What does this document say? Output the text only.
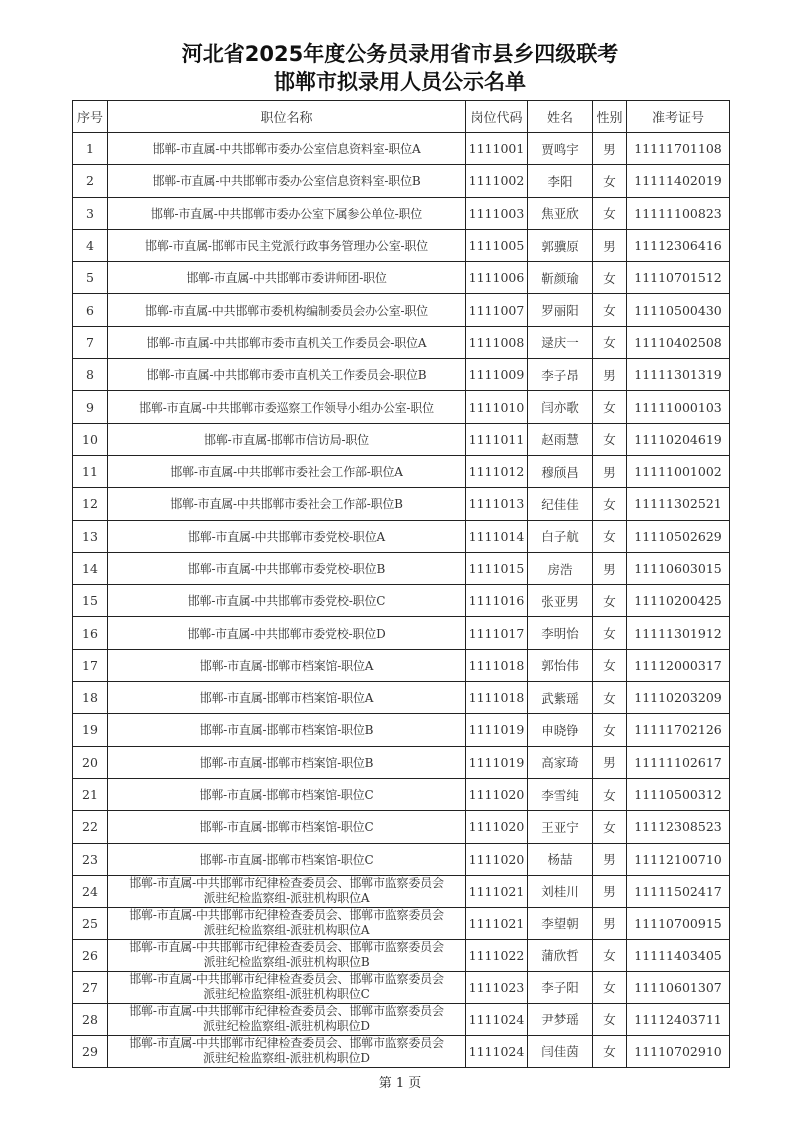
河北省2025年度公务员录用省市县乡四级联考
邯郸市拟录用人员公示名单
序号	职位名称	岗位代码	姓名	性别	准考证号
1	邯郸-市直属-中共邯郸市委办公室信息资料室-职位A	1111001	贾鸣宇	男	11111701108
2	邯郸-市直属-中共邯郸市委办公室信息资料室-职位B	1111002	李阳	女	11111402019
3	邯郸-市直属-中共邯郸市委办公室下属参公单位-职位	1111003	焦亚欣	女	11111100823
4	邯郸-市直属-邯郸市民主党派行政事务管理办公室-职位	1111005	郭骥原	男	11112306416
5	邯郸-市直属-中共邯郸市委讲师团-职位	1111006	靳颜瑜	女	11110701512
6	邯郸-市直属-中共邯郸市委机构编制委员会办公室-职位	1111007	罗丽阳	女	11110500430
7	邯郸-市直属-中共邯郸市委市直机关工作委员会-职位A	1111008	逯庆一	女	11110402508
8	邯郸-市直属-中共邯郸市委市直机关工作委员会-职位B	1111009	李子昂	男	11111301319
9	邯郸-市直属-中共邯郸市委巡察工作领导小组办公室-职位	1111010	闫亦歌	女	11111000103
10	邯郸-市直属-邯郸市信访局-职位	1111011	赵雨慧	女	11110204619
11	邯郸-市直属-中共邯郸市委社会工作部-职位A	1111012	穆颀昌	男	11111001002
12	邯郸-市直属-中共邯郸市委社会工作部-职位B	1111013	纪佳佳	女	11111302521
13	邯郸-市直属-中共邯郸市委党校-职位A	1111014	白子航	女	11110502629
14	邯郸-市直属-中共邯郸市委党校-职位B	1111015	房浩	男	11110603015
15	邯郸-市直属-中共邯郸市委党校-职位C	1111016	张亚男	女	11110200425
16	邯郸-市直属-中共邯郸市委党校-职位D	1111017	李明怡	女	11111301912
17	邯郸-市直属-邯郸市档案馆-职位A	1111018	郭怡伟	女	11112000317
18	邯郸-市直属-邯郸市档案馆-职位A	1111018	武紫瑶	女	11110203209
19	邯郸-市直属-邯郸市档案馆-职位B	1111019	申晓铮	女	11111702126
20	邯郸-市直属-邯郸市档案馆-职位B	1111019	高家琦	男	11111102617
21	邯郸-市直属-邯郸市档案馆-职位C	1111020	李雪纯	女	11110500312
22	邯郸-市直属-邯郸市档案馆-职位C	1111020	王亚宁	女	11112308523
23	邯郸-市直属-邯郸市档案馆-职位C	1111020	杨喆	男	11112100710
24	邯郸-市直属-中共邯郸市纪律检查委员会、邯郸市监察委员会
派驻纪检监察组-派驻机构职位A	1111021	刘桂川	男	11111502417
25	邯郸-市直属-中共邯郸市纪律检查委员会、邯郸市监察委员会
派驻纪检监察组-派驻机构职位A	1111021	李望朝	男	11110700915
26	邯郸-市直属-中共邯郸市纪律检查委员会、邯郸市监察委员会
派驻纪检监察组-派驻机构职位B	1111022	蒲欣哲	女	11111403405
27	邯郸-市直属-中共邯郸市纪律检查委员会、邯郸市监察委员会
派驻纪检监察组-派驻机构职位C	1111023	李子阳	女	11110601307
28	邯郸-市直属-中共邯郸市纪律检查委员会、邯郸市监察委员会
派驻纪检监察组-派驻机构职位D	1111024	尹梦瑶	女	11112403711
29	邯郸-市直属-中共邯郸市纪律检查委员会、邯郸市监察委员会
派驻纪检监察组-派驻机构职位D	1111024	闫佳茵	女	11110702910
第 1 页
